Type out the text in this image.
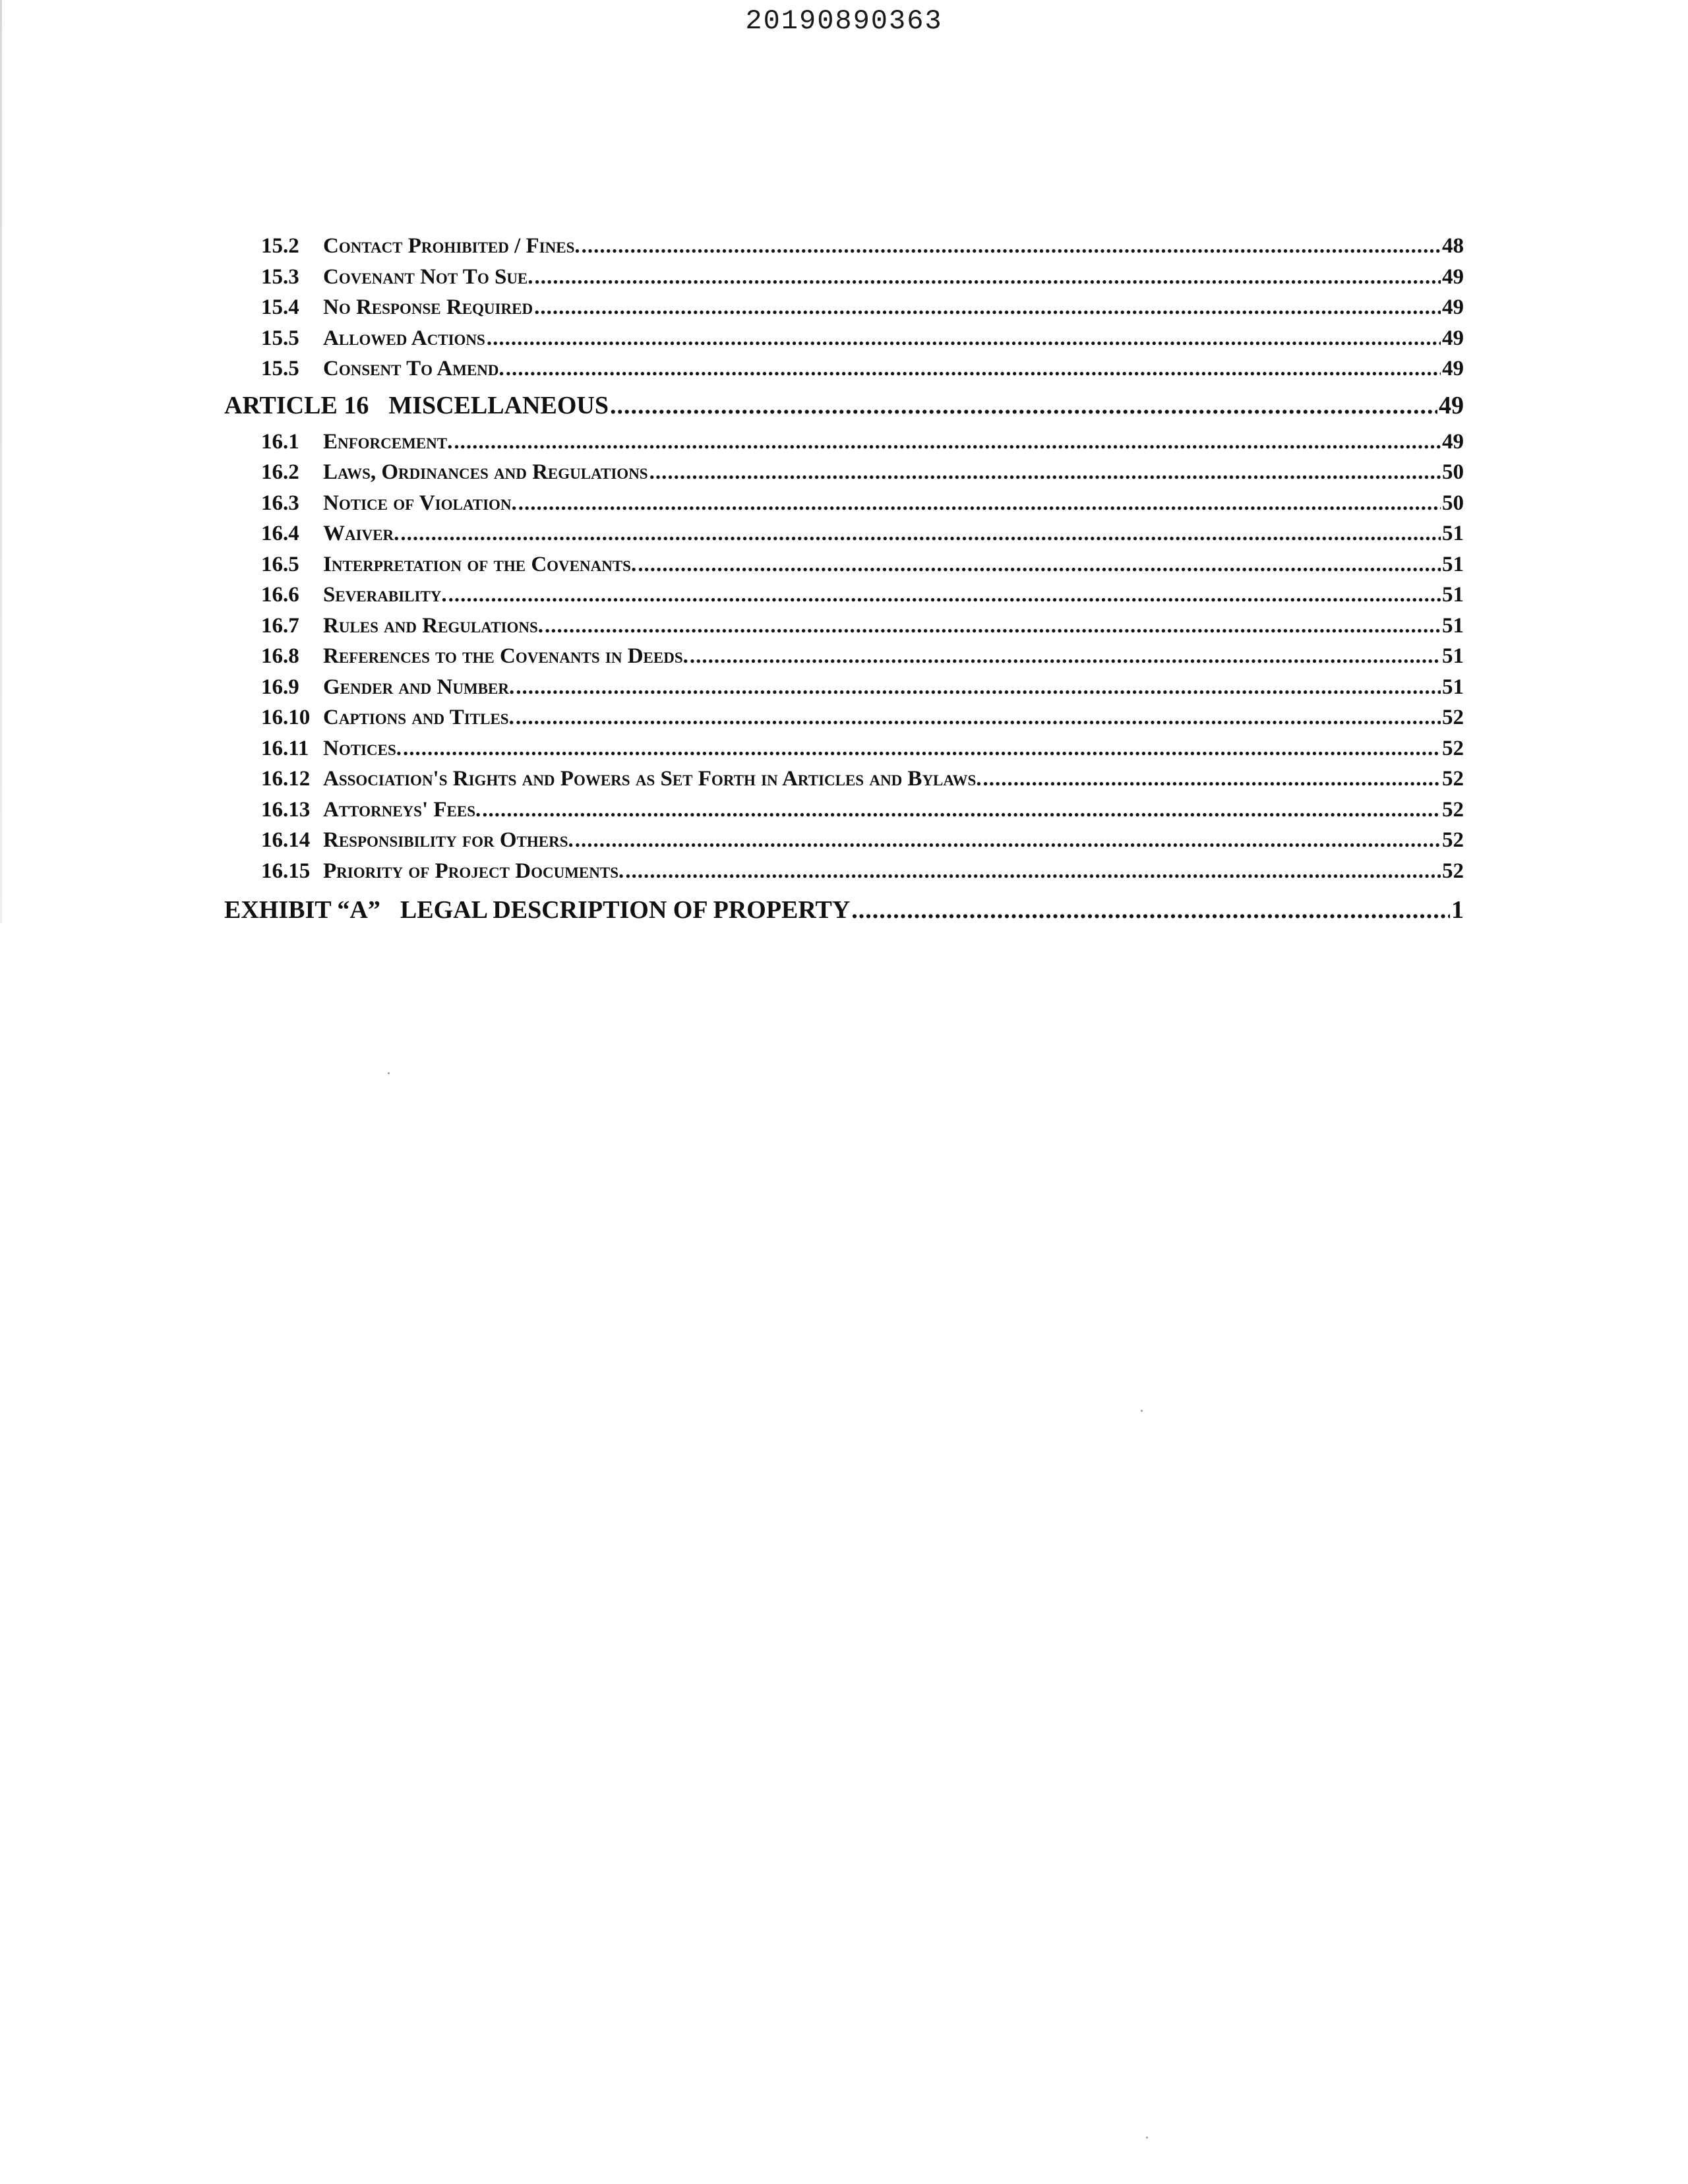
20190890363
15.2	Contact Prohibited / Fines. .....	48
15.3	Covenant Not To Sue. .....	49
15.4	No Response Required .....	49
15.5	Allowed Actions .....	49
15.5	Consent To Amend. .....	49
ARTICLE 16 MISCELLANEOUS .....	49
16.1	Enforcement. .....	49
16.2	Laws, Ordinances and Regulations .....	50
16.3	Notice of Violation. .....	50
16.4	Waiver. .....	51
16.5	Interpretation of the Covenants. .....	51
16.6	Severability. .....	51
16.7	Rules and Regulations. .....	51
16.8	References to the Covenants in Deeds. .....	51
16.9	Gender and Number. .....	51
16.10 Captions and Titles. .....	52
16.11 Notices. .....	52
16.12 Association's Rights and Powers as Set Forth in Articles and Bylaws. .....	52
16.13 Attorneys' Fees. .....	52
16.14 Responsibility for Others. .....	52
16.15 Priority of Project Documents. .....	52
EXHIBIT “A” LEGAL DESCRIPTION OF PROPERTY .....	1
